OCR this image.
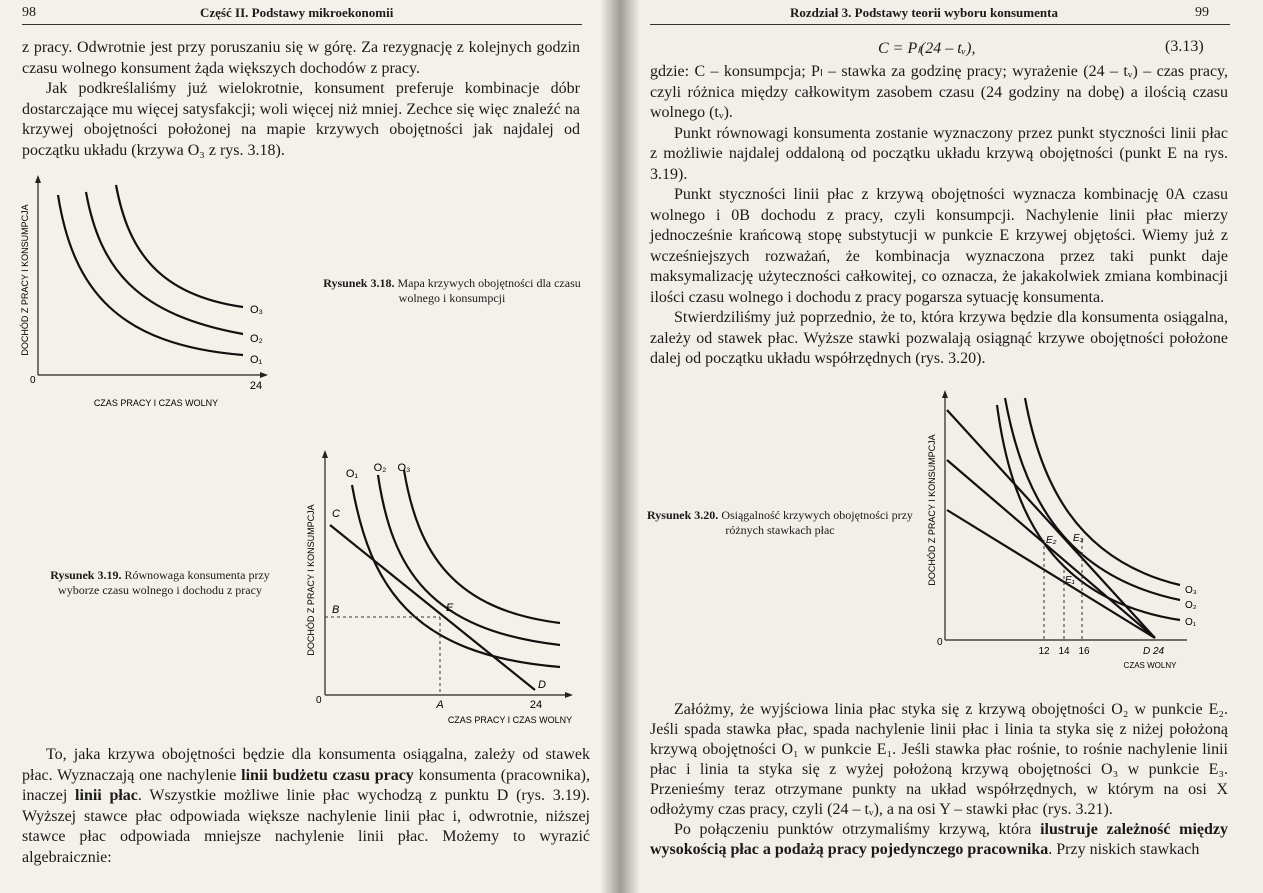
98	Część II. Podstawy mikroekonomii

z pracy. Odwrotnie jest przy poruszaniu się w górę. Za rezygnację z kolejnych godzin czasu wolnego konsument żąda większych dochodów z pracy.

Jak podkreślaliśmy już wielokrotnie, konsument preferuje kombinacje dóbr dostarczające mu więcej satysfakcji; woli więcej niż mniej. Zechce się więc znaleźć na krzywej obojętności położonej na mapie krzywych obojętności jak najdalej od początku układu (krzywa O₃ z rys. 3.18).

DOCHÓD Z PRACY I KONSUMPCJA
0	24
CZAS PRACY I CZAS WOLNY
O₃
O₂
O₁
Rysunek 3.18. Mapa krzywych obojętności dla czasu wolnego i konsumpcji
DOCHÓD Z PRACY I KONSUMPCJA
0
O₁ O₂ O₃
C
B	E
A
D
24
CZAS PRACY I CZAS WOLNY
Rysunek 3.19. Równowaga konsumenta przy wyborze czasu wolnego i dochodu z pracy

To, jaka krzywa obojętności będzie dla konsumenta osiągalna, zależy od stawek płac. Wyznaczają one nachylenie linii budżetu czasu pracy konsumenta (pracownika), inaczej linii płac. Wszystkie możliwe linie płac wychodzą z punktu D (rys. 3.19). Wyższej stawce płac odpowiada większe nachylenie linii płac i, odwrotnie, niższej stawce płac odpowiada mniejsze nachylenie linii płac. Możemy to wyrazić algebraicznie:

Rozdział 3. Podstawy teorii wyboru konsumenta	99
C = Pₗ(24 – tᵥ),	(3.13)

gdzie: C – konsumpcja; Pₗ – stawka za godzinę pracy; wyrażenie (24 – tᵥ) – czas pracy, czyli różnica między całkowitym zasobem czasu (24 godziny na dobę) a ilością czasu wolnego (tᵥ).

Punkt równowagi konsumenta zostanie wyznaczony przez punkt styczności linii płac z możliwie najdalej oddaloną od początku układu krzywą obojętności (punkt E na rys. 3.19).

Punkt styczności linii płac z krzywą obojętności wyznacza kombinację 0A czasu wolnego i 0B dochodu z pracy, czyli konsumpcji. Nachylenie linii płac mierzy jednocześnie krańcową stopę substytucji w punkcie E krzywej objętości. Wiemy już z wcześniejszych rozważań, że kombinacja wyznaczona przez taki punkt daje maksymalizację użyteczności całkowitej, co oznacza, że jakakolwiek zmiana kombinacji ilości czasu wolnego i dochodu z pracy pogarsza sytuację konsumenta.

Stwierdziliśmy już poprzednio, że to, która krzywa będzie dla konsumenta osiągalna, zależy od stawek płac. Wyższe stawki pozwalają osiągnąć krzywe obojętności położone dalej od początku układu współrzędnych (rys. 3.20).

DOCHÓD Z PRACY I KONSUMPCJA
0
12 14 16	D 24
CZAS WOLNY
O₃
O₂
O₁
E₂ E₃
E₁
Rysunek 3.20. Osiągalność krzywych obojętności przy różnych stawkach płac

Załóżmy, że wyjściowa linia płac styka się z krzywą obojętności O₂ w punkcie E₂. Jeśli spada stawka płac, spada nachylenie linii płac i linia ta styka się z niżej położoną krzywą obojętności O₁ w punkcie E₁. Jeśli stawka płac rośnie, to rośnie nachylenie linii płac i linia ta styka się z wyżej położoną krzywą obojętności O₃ w punkcie E₃. Przenieśmy teraz otrzymane punkty na układ współrzędnych, w którym na osi X odłożymy czas pracy, czyli (24 – tᵥ), a na osi Y – stawki płac (rys. 3.21).

Po połączeniu punktów otrzymaliśmy krzywą, która ilustruje zależność między wysokością płac a podażą pracy pojedynczego pracownika. Przy niskich stawkach
